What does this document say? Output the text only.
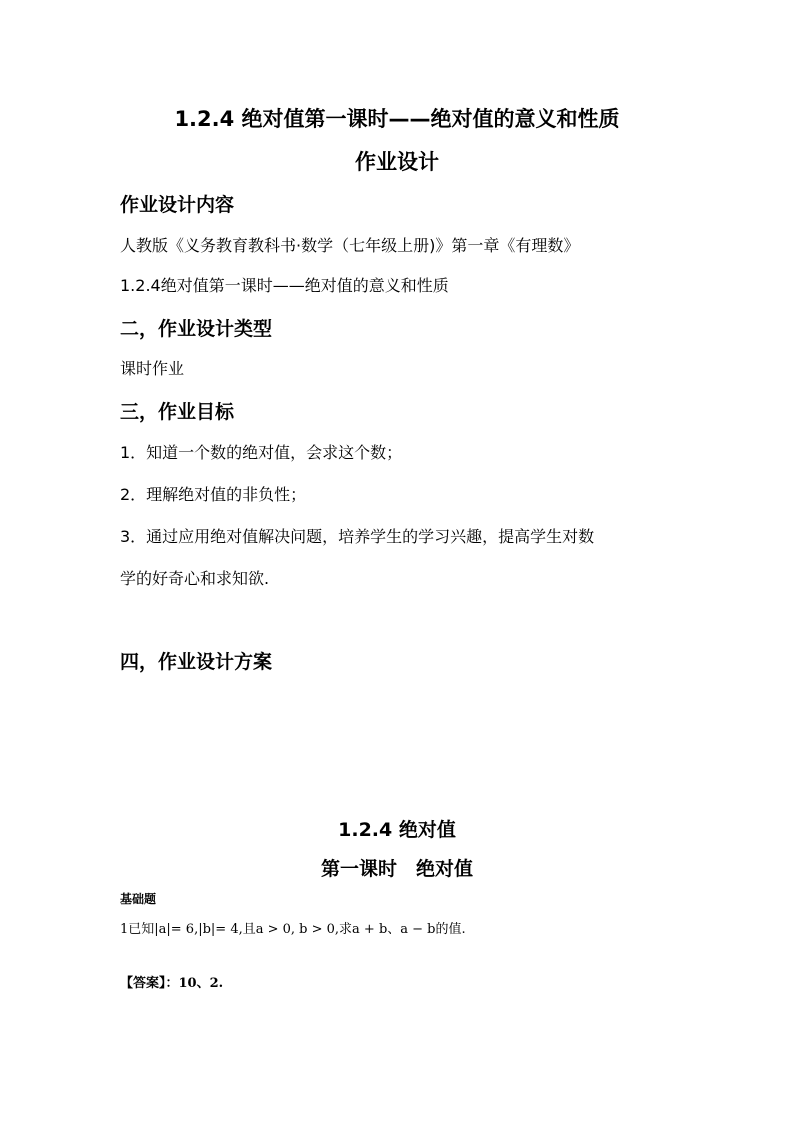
1.2.4 绝对值第一课时——绝对值的意义和性质
作业设计
作业设计内容
人教版《义务教育教科书·数学（七年级上册)》第一章《有理数》
1.2.4绝对值第一课时——绝对值的意义和性质
二，作业设计类型
课时作业
三，作业目标
1．知道一个数的绝对值，会求这个数；
2．理解绝对值的非负性；
3．通过应用绝对值解决问题，培养学生的学习兴趣，提高学生对数
学的好奇心和求知欲.
四，作业设计方案
1.2.4 绝对值
第一课时　绝对值
基础题
1已知|a|= 6,|b|= 4,且a > 0, b > 0,求a + b、a − b的值.
【答案】：10、2.
